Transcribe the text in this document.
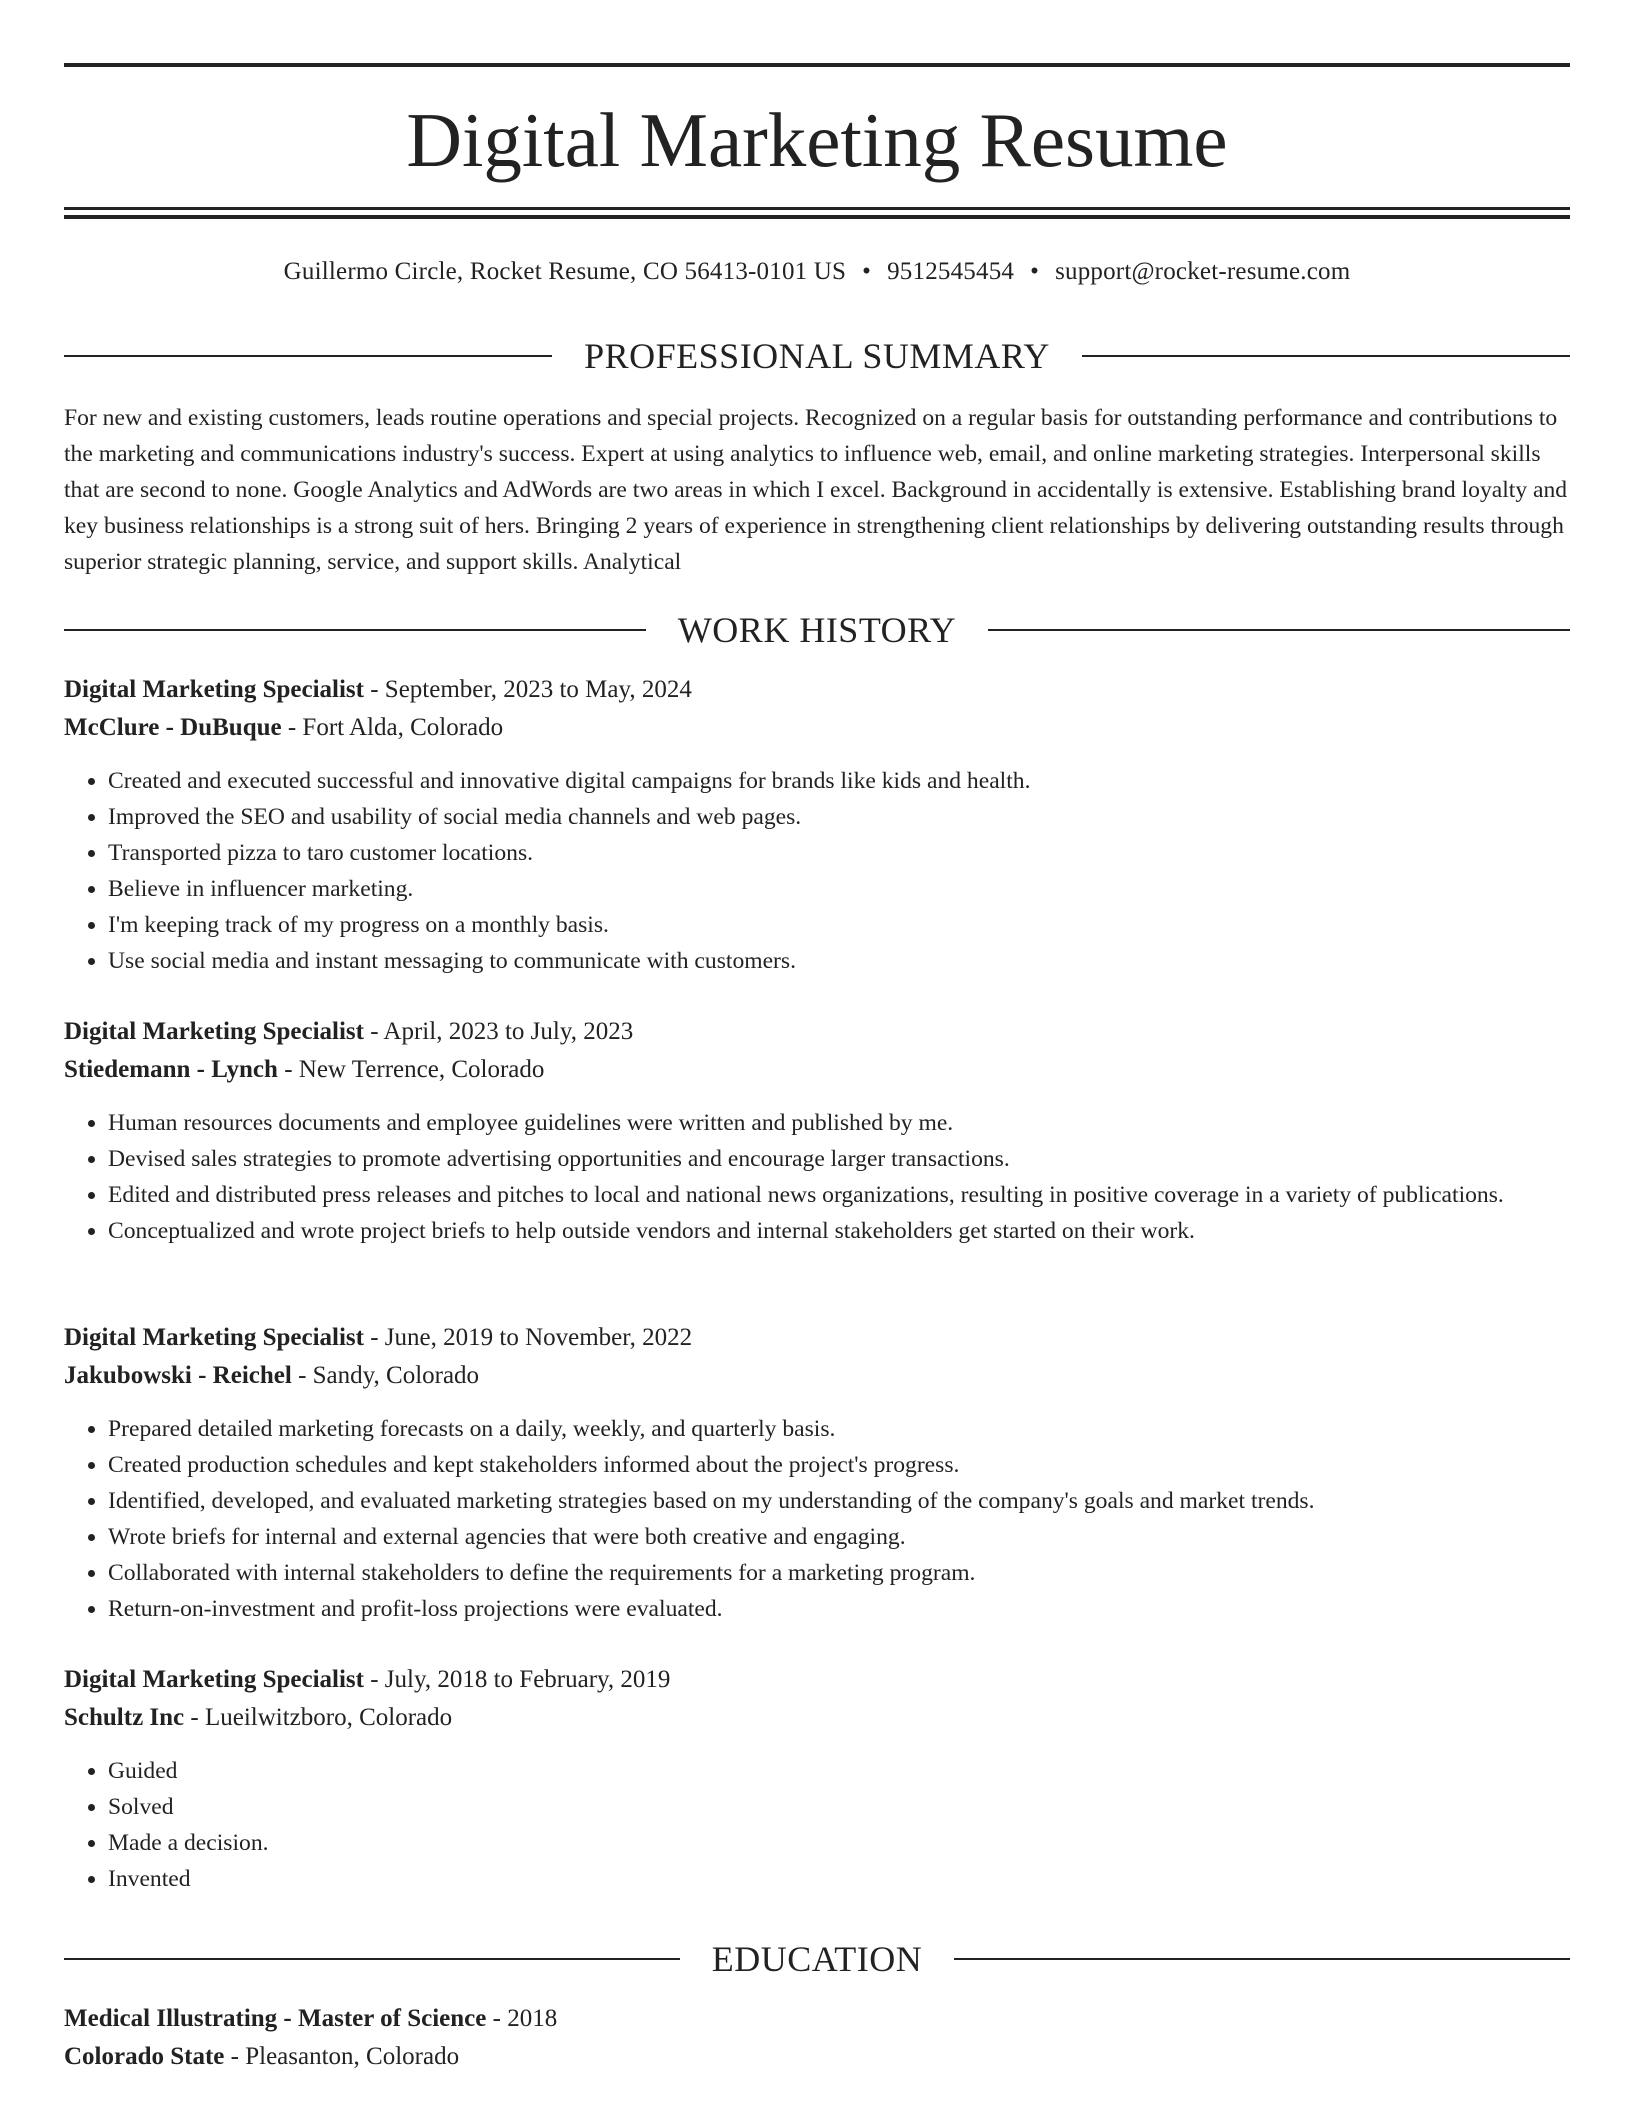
Digital Marketing Resume
Guillermo Circle, Rocket Resume, CO 56413-0101 US • 9512545454 • support@rocket-resume.com
PROFESSIONAL SUMMARY

For new and existing customers, leads routine operations and special projects. Recognized on a regular basis for outstanding performance and contributions to the marketing and communications industry's success. Expert at using analytics to influence web, email, and online marketing strategies. Interpersonal skills that are second to none. Google Analytics and AdWords are two areas in which I excel. Background in accidentally is extensive. Establishing brand loyalty and key business relationships is a strong suit of hers. Bringing 2 years of experience in strengthening client relationships by delivering outstanding results through superior strategic planning, service, and support skills. Analytical

WORK HISTORY
Digital Marketing Specialist - September, 2023 to May, 2024
McClure - DuBuque - Fort Alda, Colorado
• Created and executed successful and innovative digital campaigns for brands like kids and health.
• Improved the SEO and usability of social media channels and web pages.
• Transported pizza to taro customer locations.
• Believe in influencer marketing.
• I'm keeping track of my progress on a monthly basis.
• Use social media and instant messaging to communicate with customers.
Digital Marketing Specialist - April, 2023 to July, 2023
Stiedemann - Lynch - New Terrence, Colorado
• Human resources documents and employee guidelines were written and published by me.
• Devised sales strategies to promote advertising opportunities and encourage larger transactions.
• Edited and distributed press releases and pitches to local and national news organizations, resulting in positive coverage in a variety of publications.
• Conceptualized and wrote project briefs to help outside vendors and internal stakeholders get started on their work.
Digital Marketing Specialist - June, 2019 to November, 2022
Jakubowski - Reichel - Sandy, Colorado
• Prepared detailed marketing forecasts on a daily, weekly, and quarterly basis.
• Created production schedules and kept stakeholders informed about the project's progress.
• Identified, developed, and evaluated marketing strategies based on my understanding of the company's goals and market trends.
• Wrote briefs for internal and external agencies that were both creative and engaging.
• Collaborated with internal stakeholders to define the requirements for a marketing program.
• Return-on-investment and profit-loss projections were evaluated.
Digital Marketing Specialist - July, 2018 to February, 2019
Schultz Inc - Lueilwitzboro, Colorado
• Guided
• Solved
• Made a decision.
• Invented
EDUCATION
Medical Illustrating - Master of Science - 2018
Colorado State - Pleasanton, Colorado
